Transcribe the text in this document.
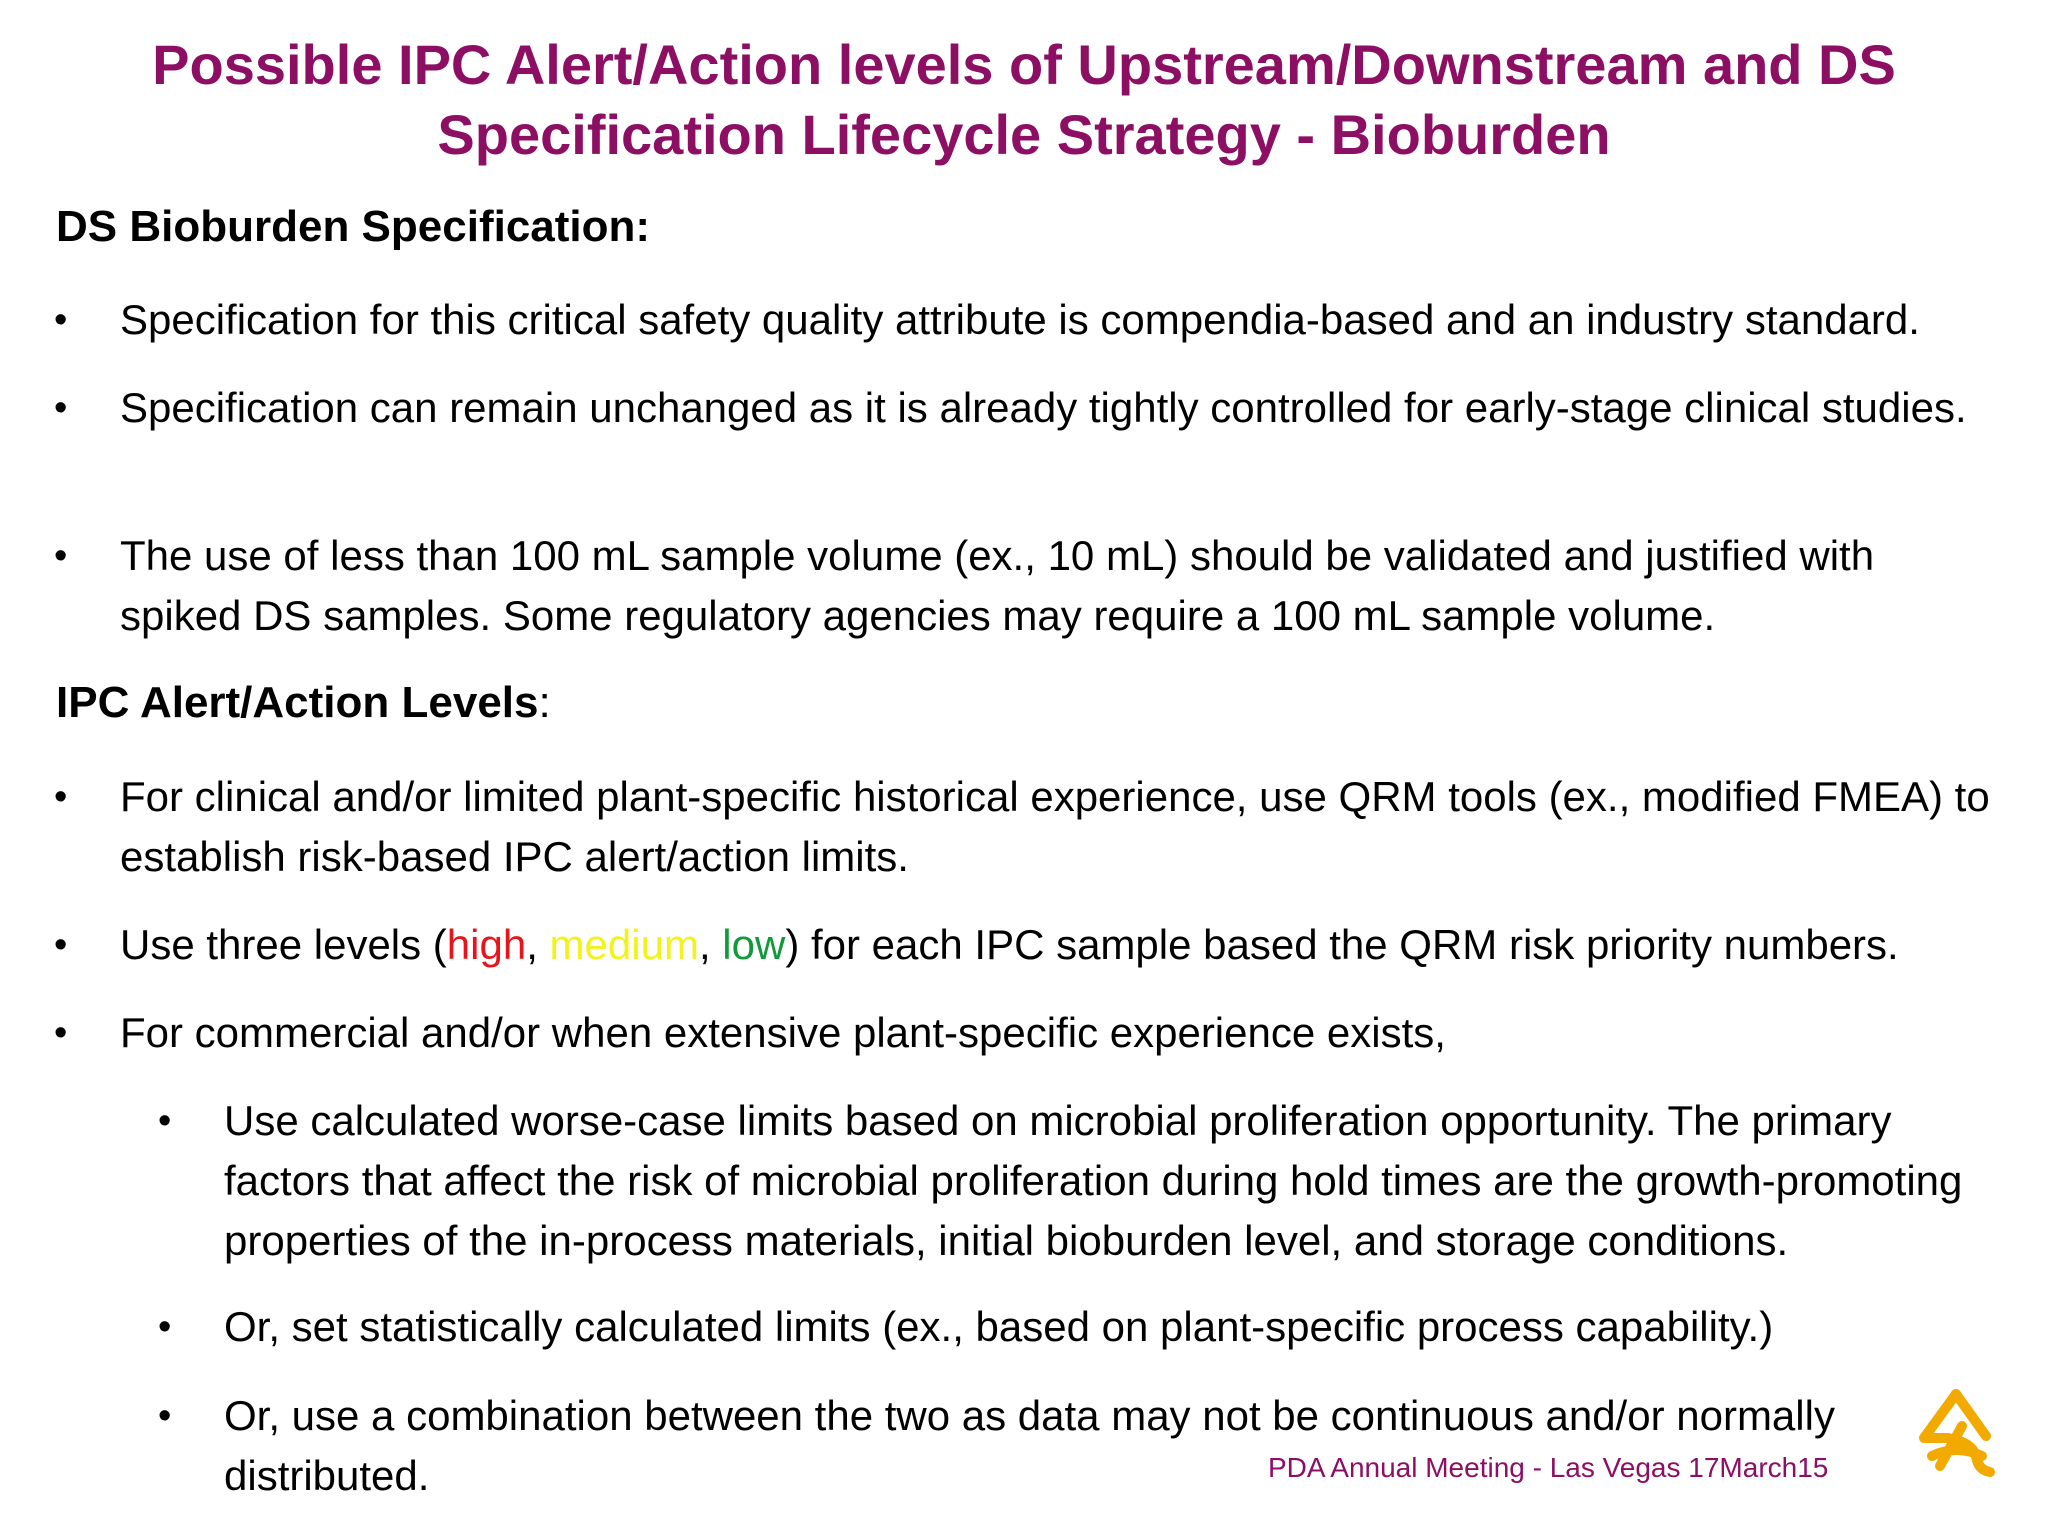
Possible IPC Alert/Action levels of Upstream/Downstream and DS
Specification Lifecycle Strategy - Bioburden
DS Bioburden Specification:
• Specification for this critical safety quality attribute is compendia-based and an industry standard.
• Specification can remain unchanged as it is already tightly controlled for early-stage clinical studies.
• The use of less than 100 mL sample volume (ex., 10 mL) should be validated and justified with spiked DS samples. Some regulatory agencies may require a 100 mL sample volume.
IPC Alert/Action Levels:
• For clinical and/or limited plant-specific historical experience, use QRM tools (ex., modified FMEA) to establish risk-based IPC alert/action limits.
• Use three levels (high, medium, low) for each IPC sample based the QRM risk priority numbers.
• For commercial and/or when extensive plant-specific experience exists,
• Use calculated worse-case limits based on microbial proliferation opportunity. The primary factors that affect the risk of microbial proliferation during hold times are the growth-promoting properties of the in-process materials, initial bioburden level, and storage conditions.
• Or, set statistically calculated limits (ex., based on plant-specific process capability.)
• Or, use a combination between the two as data may not be continuous and/or normally distributed.	PDA Annual Meeting - Las Vegas 17March15
